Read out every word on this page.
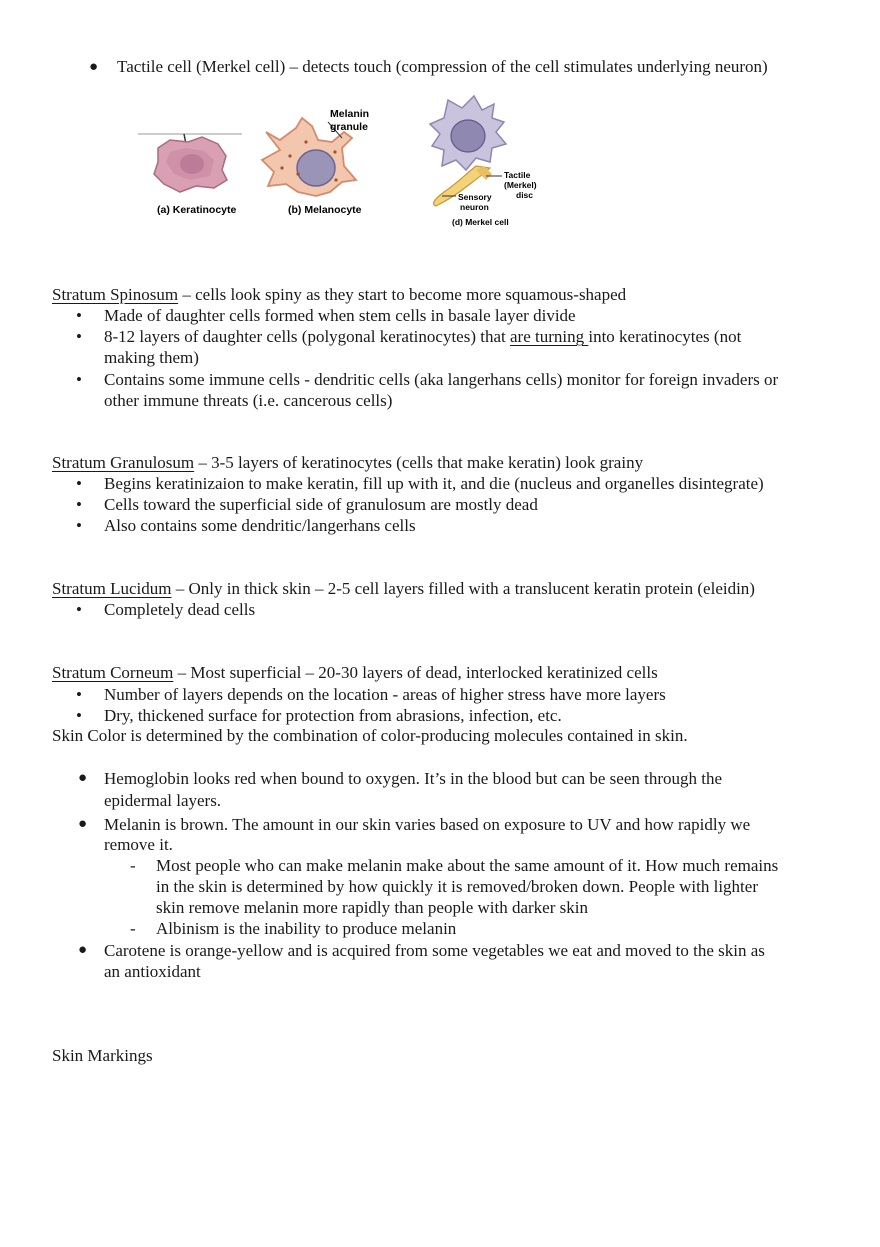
● Tactile cell (Merkel cell) – detects touch (compression of the cell stimulates underlying neuron)
(a) Keratinocyte
Melanin
granule
(b) Melanocyte
Tactile
(Merkel)
disc
Sensory
neuron
(d) Merkel cell
Stratum Spinosum – cells look spiny as they start to become more squamous-shaped
• Made of daughter cells formed when stem cells in basale layer divide
• 8-12 layers of daughter cells (polygonal keratinocytes) that are turning into keratinocytes (not
making them)
• Contains some immune cells - dendritic cells (aka langerhans cells) monitor for foreign invaders or
other immune threats (i.e. cancerous cells)
Stratum Granulosum – 3-5 layers of keratinocytes (cells that make keratin) look grainy
• Begins keratinizaion to make keratin, fill up with it, and die (nucleus and organelles disintegrate)
• Cells toward the superficial side of granulosum are mostly dead
• Also contains some dendritic/langerhans cells
Stratum Lucidum – Only in thick skin – 2-5 cell layers filled with a translucent keratin protein (eleidin)
• Completely dead cells
Stratum Corneum – Most superficial – 20-30 layers of dead, interlocked keratinized cells
• Number of layers depends on the location - areas of higher stress have more layers
• Dry, thickened surface for protection from abrasions, infection, etc.
Skin Color is determined by the combination of color-producing molecules contained in skin.
● Hemoglobin looks red when bound to oxygen. It’s in the blood but can be seen through the
epidermal layers.
● Melanin is brown. The amount in our skin varies based on exposure to UV and how rapidly we
remove it.
- Most people who can make melanin make about the same amount of it. How much remains
in the skin is determined by how quickly it is removed/broken down. People with lighter
skin remove melanin more rapidly than people with darker skin
- Albinism is the inability to produce melanin
● Carotene is orange-yellow and is acquired from some vegetables we eat and moved to the skin as
an antioxidant
Skin Markings
